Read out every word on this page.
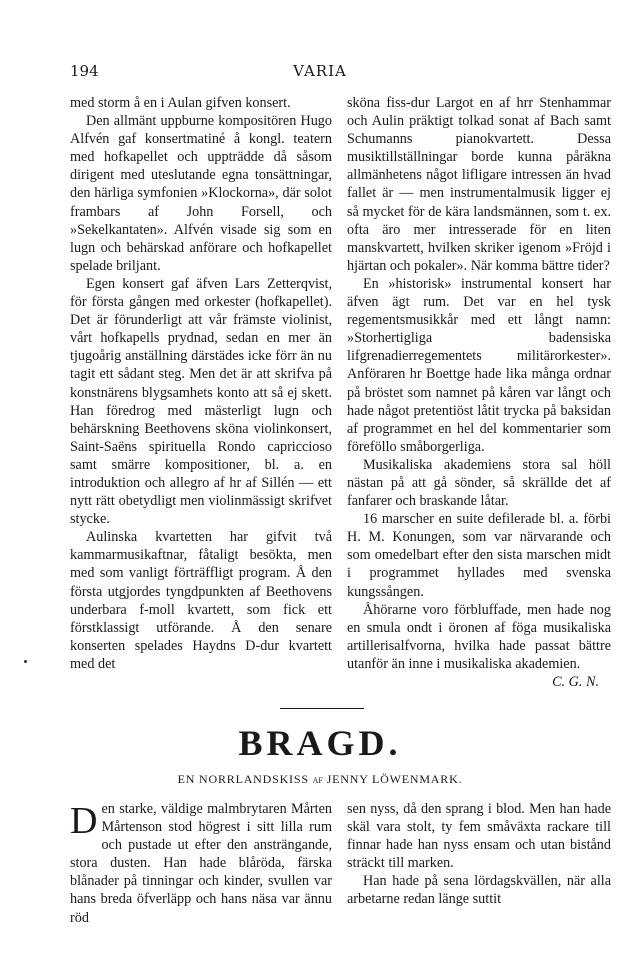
194	VARIA

med storm å en i Aulan gifven konsert.

Den allmänt uppburne kompositören Hugo Alfvén gaf konsertmatiné å kongl. teatern med hofkapellet och uppträdde då såsom dirigent med uteslutande egna tonsättningar, den härliga symfonien »Klockorna», där solot frambars af John Forsell, och »Sekelkantaten». Alfvén visade sig som en lugn och behärskad anförare och hofkapellet spelade briljant.

Egen konsert gaf äfven Lars Zetterqvist, för första gången med orkester (hofkapellet). Det är förunderligt att vår främste violinist, vårt hofkapells prydnad, sedan en mer än tjugoårig anställning därstädes icke förr än nu tagit ett sådant steg. Men det är att skrifva på konstnärens blygsamhets konto att så ej skett. Han föredrog med mästerligt lugn och behärskning Beethovens sköna violinkonsert, Saint-Saëns spirituella Rondo capriccioso samt smärre kompositioner, bl. a. en introduktion och allegro af hr af Sillén — ett nytt rätt obetydligt men violinmässigt skrifvet stycke.

Aulinska kvartetten har gifvit två kammarmusikaftnar, fåtaligt besökta, men med som vanligt förträffligt program. Å den första utgjordes tyngdpunkten af Beethovens underbara f-moll kvartett, som fick ett förstklassigt utförande. Å den senare konserten spelades Haydns D-dur kvartett med det

sköna fiss-dur Largot en af hrr Stenhammar och Aulin präktigt tolkad sonat af Bach samt Schumanns pianokvartett. Dessa musiktillställningar borde kunna påräkna allmänhetens något lifligare intressen än hvad fallet är — men instrumentalmusik ligger ej så mycket för de kära landsmännen, som t. ex. ofta äro mer intresserade för en liten manskvartett, hvilken skriker igenom »Fröjd i hjärtan och pokaler». När komma bättre tider?

En »historisk» instrumental konsert har äfven ägt rum. Det var en hel tysk regementsmusikkår med ett långt namn: »Storhertigliga badensiska lifgrenadierregementets militärorkester». Anföraren hr Boettge hade lika många ordnar på bröstet som namnet på kåren var långt och hade något pretentiöst låtit trycka på baksidan af programmet en hel del kommentarier som föreföllo småborgerliga.

Musikaliska akademiens stora sal höll nästan på att gå sönder, så skrällde det af fanfarer och braskande låtar.

16 marscher en suite defilerade bl. a. förbi H. M. Konungen, som var närvarande och som omedelbart efter den sista marschen midt i programmet hyllades med svenska kungssången.

Åhörarne voro förbluffade, men hade nog en smula ondt i öronen af föga musikaliska artillerisalfvorna, hvilka hade passat bättre utanför än inne i musikaliska akademien.
C. G. N.

BRAGD.
EN NORRLANDSKISS AF JENNY LÖWENMARK.

Den starke, väldige malmbrytaren Mårten Mårtenson stod högrest i sitt lilla rum och pustade ut efter den ansträngande, stora dusten. Han hade blåröda, färska blånader på tinningar och kinder, svullen var hans breda öfverläpp och hans näsa var ännu röd

sen nyss, då den sprang i blod. Men han hade skäl vara stolt, ty fem småväxta rackare till finnar hade han nyss ensam och utan bistånd sträckt till marken.

Han hade på sena lördagskvällen, när alla arbetarne redan länge suttit
